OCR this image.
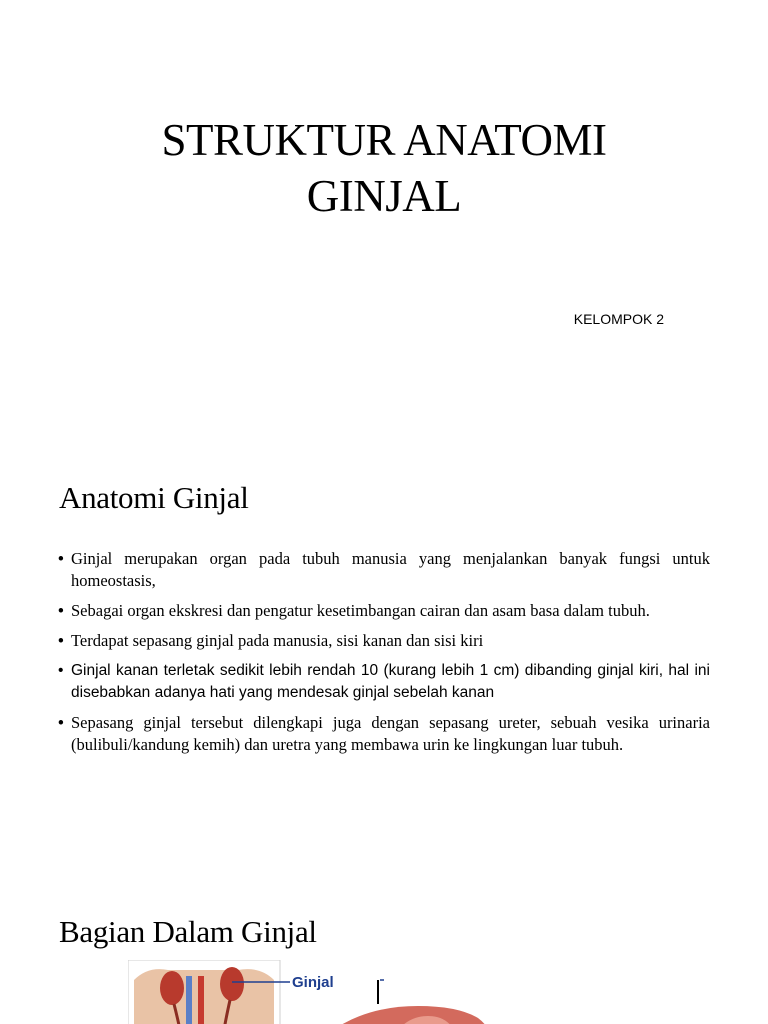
STRUKTUR ANATOMI
GINJAL

KELOMPOK 2

Anatomi Ginjal
• Ginjal merupakan organ pada tubuh manusia yang menjalankan banyak fungsi untuk homeostasis,
• Sebagai organ ekskresi dan pengatur kesetimbangan cairan dan asam basa dalam tubuh.
• Terdapat sepasang ginjal pada manusia, sisi kanan dan sisi kiri
• Ginjal kanan terletak sedikit lebih rendah 10 (kurang lebih 1 cm) dibanding ginjal kiri, hal ini disebabkan adanya hati yang mendesak ginjal sebelah kanan
• Sepasang ginjal tersebut dilengkapi juga dengan sepasang ureter, sebuah vesika urinaria (bulibuli/kandung kemih) dan uretra yang membawa urin ke lingkungan luar tubuh.
Bagian Dalam Ginjal
Ginjal
